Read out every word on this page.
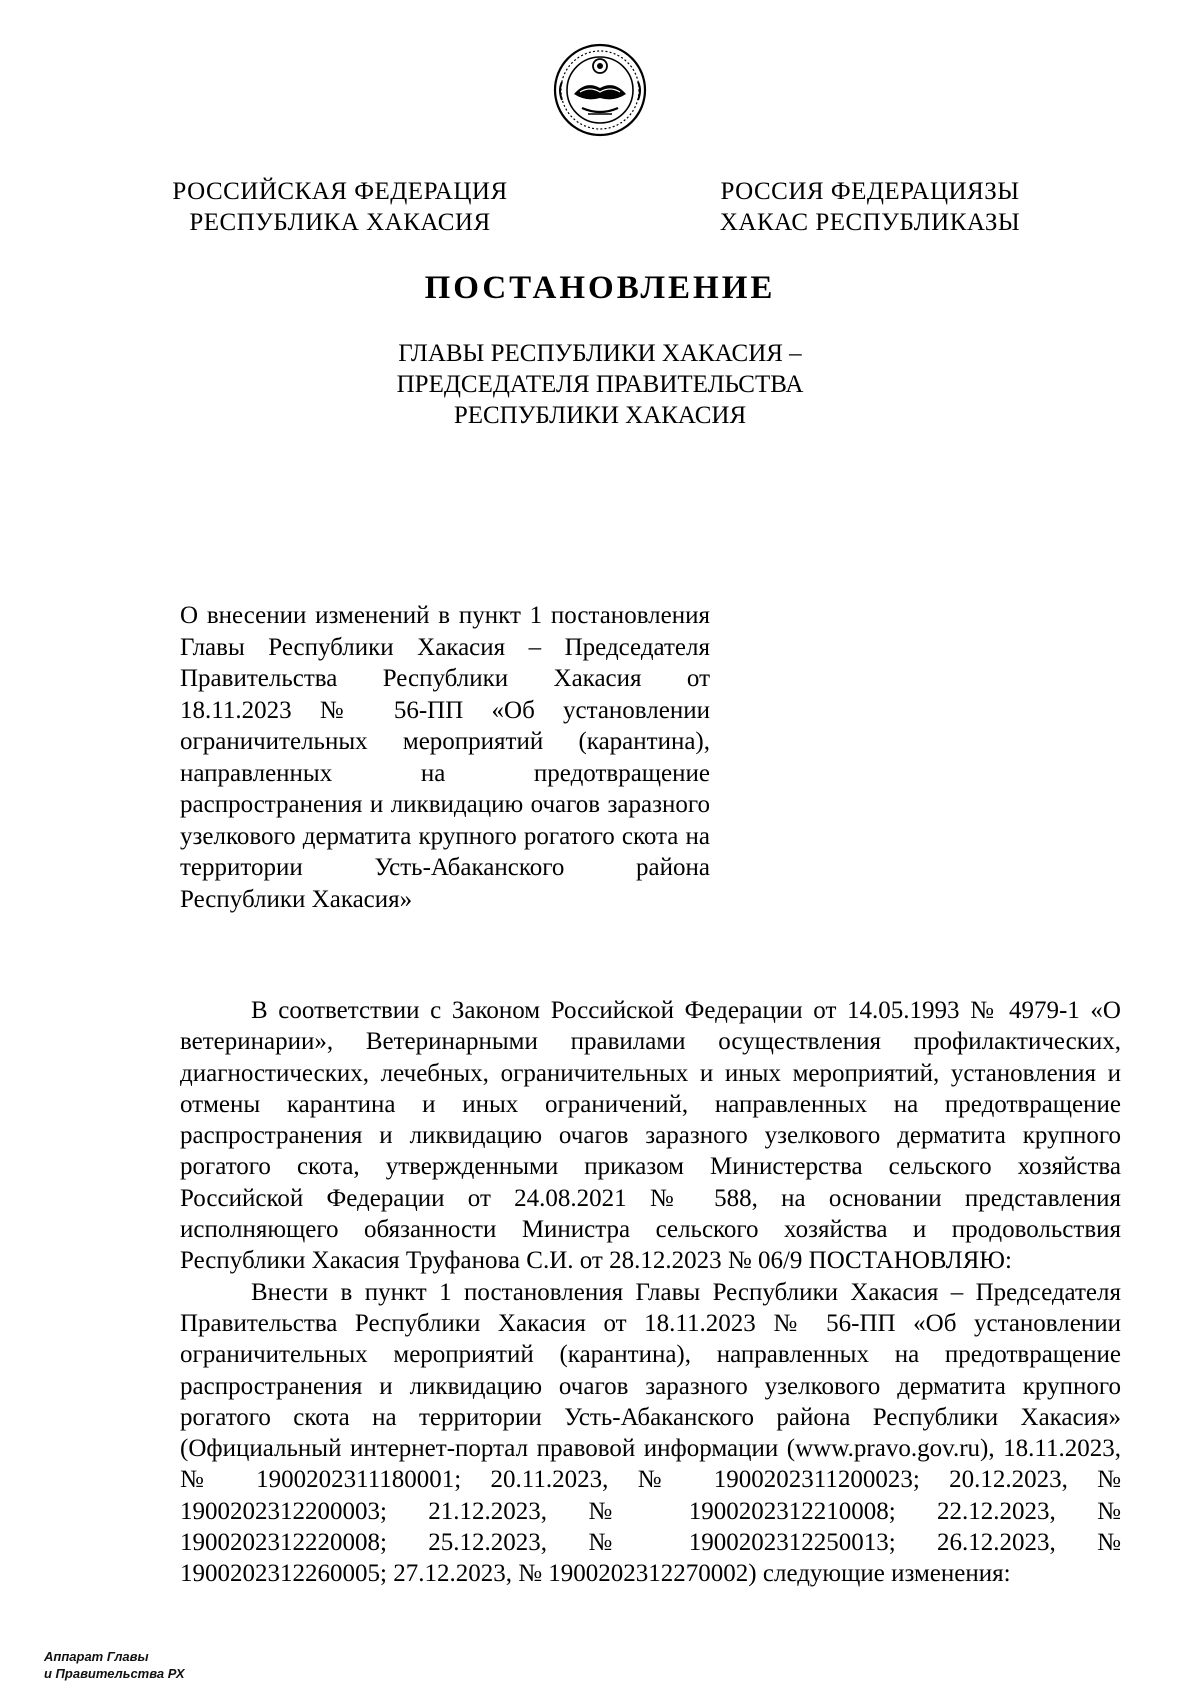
РОССИЙСКАЯ ФЕДЕРАЦИЯ
РЕСПУБЛИКА ХАКАСИЯ
РОССИЯ ФЕДЕРАЦИЯЗЫ
ХАКАС РЕСПУБЛИКАЗЫ
ПОСТАНОВЛЕНИЕ
ГЛАВЫ РЕСПУБЛИКИ ХАКАСИЯ –
ПРЕДСЕДАТЕЛЯ ПРАВИТЕЛЬСТВА
РЕСПУБЛИКИ ХАКАСИЯ
О внесении изменений в пункт 1 постановления Главы Республики Хакасия – Председателя Правительства Республики Хакасия от 18.11.2023 № 56-ПП «Об установлении ограничительных мероприятий (карантина), направленных на предотвращение распространения и ликвидацию очагов заразного узелкового дерматита крупного рогатого скота на территории Усть-Абаканского района Республики Хакасия»

В соответствии с Законом Российской Федерации от 14.05.1993 № 4979-1 «О ветеринарии», Ветеринарными правилами осуществления профилактических, диагностических, лечебных, ограничительных и иных мероприятий, установления и отмены карантина и иных ограничений, направленных на предотвращение распространения и ликвидацию очагов заразного узелкового дерматита крупного рогатого скота, утвержденными приказом Министерства сельского хозяйства Российской Федерации от 24.08.2021 № 588, на основании представления исполняющего обязанности Министра сельского хозяйства и продовольствия Республики Хакасия Труфанова С.И. от 28.12.2023 № 06/9 ПОСТАНОВЛЯЮ:

Внести в пункт 1 постановления Главы Республики Хакасия – Председателя Правительства Республики Хакасия от 18.11.2023 № 56-ПП «Об установлении ограничительных мероприятий (карантина), направленных на предотвращение распространения и ликвидацию очагов заразного узелкового дерматита крупного рогатого скота на территории Усть-Абаканского района Республики Хакасия» (Официальный интернет-портал правовой информации (www.pravo.gov.ru), 18.11.2023, № 1900202311180001; 20.11.2023, № 1900202311200023; 20.12.2023, № 1900202312200003; 21.12.2023, № 1900202312210008; 22.12.2023, № 1900202312220008; 25.12.2023, № 1900202312250013; 26.12.2023, № 1900202312260005; 27.12.2023, № 1900202312270002) следующие изменения:

Аппарат Главы
и Правительства РХ
